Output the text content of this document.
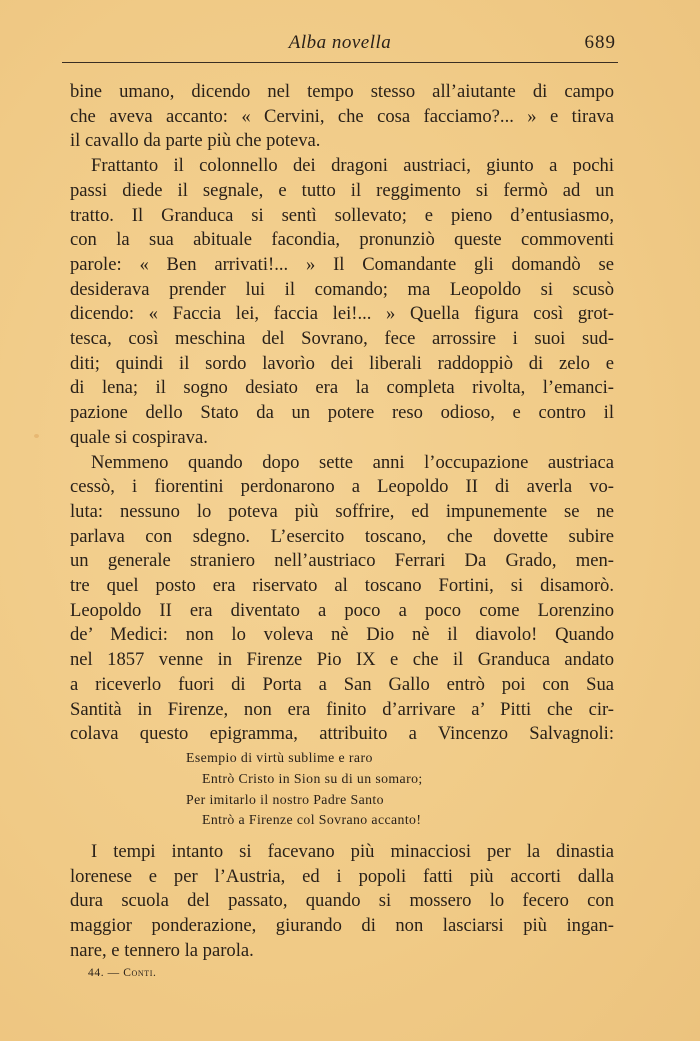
Alba novella	689
bine umano, dicendo nel tempo stesso all’aiutante di campo
che aveva accanto: « Cervini, che cosa facciamo?... » e tirava
il cavallo da parte più che poteva.
Frattanto il colonnello dei dragoni austriaci, giunto a pochi
passi diede il segnale, e tutto il reggimento si fermò ad un
tratto. Il Granduca si sentì sollevato; e pieno d’entusiasmo,
con la sua abituale facondia, pronunziò queste commoventi
parole: « Ben arrivati!... » Il Comandante gli domandò se
desiderava prender lui il comando; ma Leopoldo si scusò
dicendo: « Faccia lei, faccia lei!... » Quella figura così grot-
tesca, così meschina del Sovrano, fece arrossire i suoi sud-
diti; quindi il sordo lavorìo dei liberali raddoppiò di zelo e
di lena; il sogno desiato era la completa rivolta, l’emanci-
pazione dello Stato da un potere reso odioso, e contro il
quale si cospirava.
Nemmeno quando dopo sette anni l’occupazione austriaca
cessò, i fiorentini perdonarono a Leopoldo II di averla vo-
luta: nessuno lo poteva più soffrire, ed impunemente se ne
parlava con sdegno. L’esercito toscano, che dovette subire
un generale straniero nell’austriaco Ferrari Da Grado, men-
tre quel posto era riservato al toscano Fortini, si disamorò.
Leopoldo II era diventato a poco a poco come Lorenzino
de’ Medici: non lo voleva nè Dio nè il diavolo! Quando
nel 1857 venne in Firenze Pio IX e che il Granduca andato
a riceverlo fuori di Porta a San Gallo entrò poi con Sua
Santità in Firenze, non era finito d’arrivare a’ Pitti che cir-
colava questo epigramma, attribuito a Vincenzo Salvagnoli:
Esempio di virtù sublime e raro
Entrò Cristo in Sion su di un somaro;
Per imitarlo il nostro Padre Santo
Entrò a Firenze col Sovrano accanto!
I tempi intanto si facevano più minacciosi per la dinastia
lorenese e per l’Austria, ed i popoli fatti più accorti dalla
dura scuola del passato, quando si mossero lo fecero con
maggior ponderazione, giurando di non lasciarsi più ingan-
nare, e tennero la parola.
44. — Conti.
